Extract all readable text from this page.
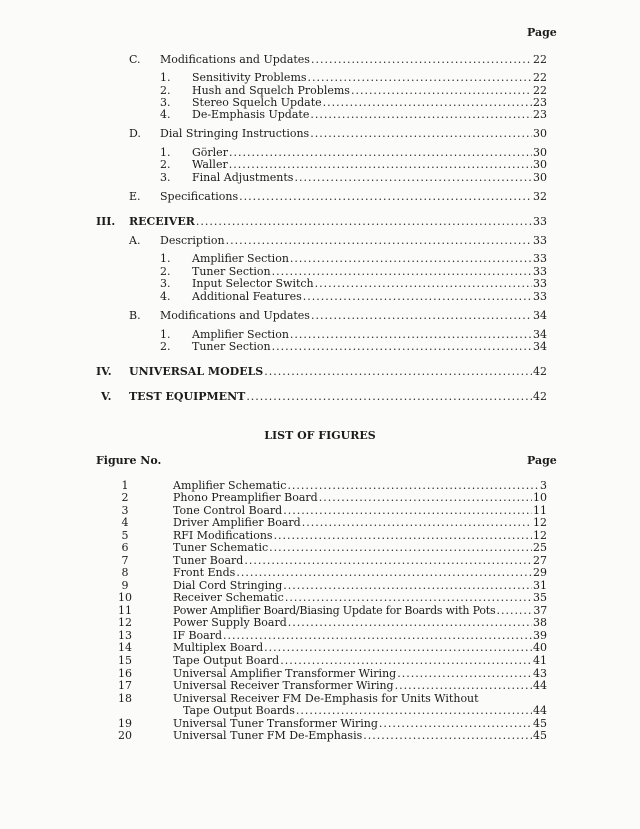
Page
C. Modifications and Updates .....	22
1. Sensitivity Problems .....	22
2. Hush and Squelch Problems .....	22
3. Stereo Squelch Update .....	23
4. De-Emphasis Update .....	23
D. Dial Stringing Instructions .....	30
1. Görler .....	30
2. Waller .....	30
3. Final Adjustments .....	30
E. Specifications .....	32
III. RECEIVER .....	33
A. Description .....	33
1. Amplifier Section .....	33
2. Tuner Section .....	33
3. Input Selector Switch .....	33
4. Additional Features .....	33
B. Modifications and Updates .....	34
1. Amplifier Section .....	34
2. Tuner Section .....	34
IV. UNIVERSAL MODELS .....	42
V. TEST EQUIPMENT .....	42
LIST OF FIGURES
Figure No.	Page
1	Amplifier Schematic .....	3
2	Phono Preamplifier Board .....	10
3	Tone Control Board .....	11
4	Driver Amplifier Board .....	12
5	RFI Modifications .....	12
6	Tuner Schematic .....	25
7	Tuner Board .....	27
8	Front Ends .....	29
9	Dial Cord Stringing .....	31
10	Receiver Schematic .....	35
11	Power Amplifier Board/Biasing Update for Boards with Pots .....	37
12	Power Supply Board .....	38
13	IF Board .....	39
14	Multiplex Board .....	40
15	Tape Output Board .....	41
16	Universal Amplifier Transformer Wiring .....	43
17	Universal Receiver Transformer Wiring .....	44
18	Universal Receiver FM De-Emphasis for Units Without
Tape Output Boards .....	44
19	Universal Tuner Transformer Wiring .....	45
20	Universal Tuner FM De-Emphasis .....	45
